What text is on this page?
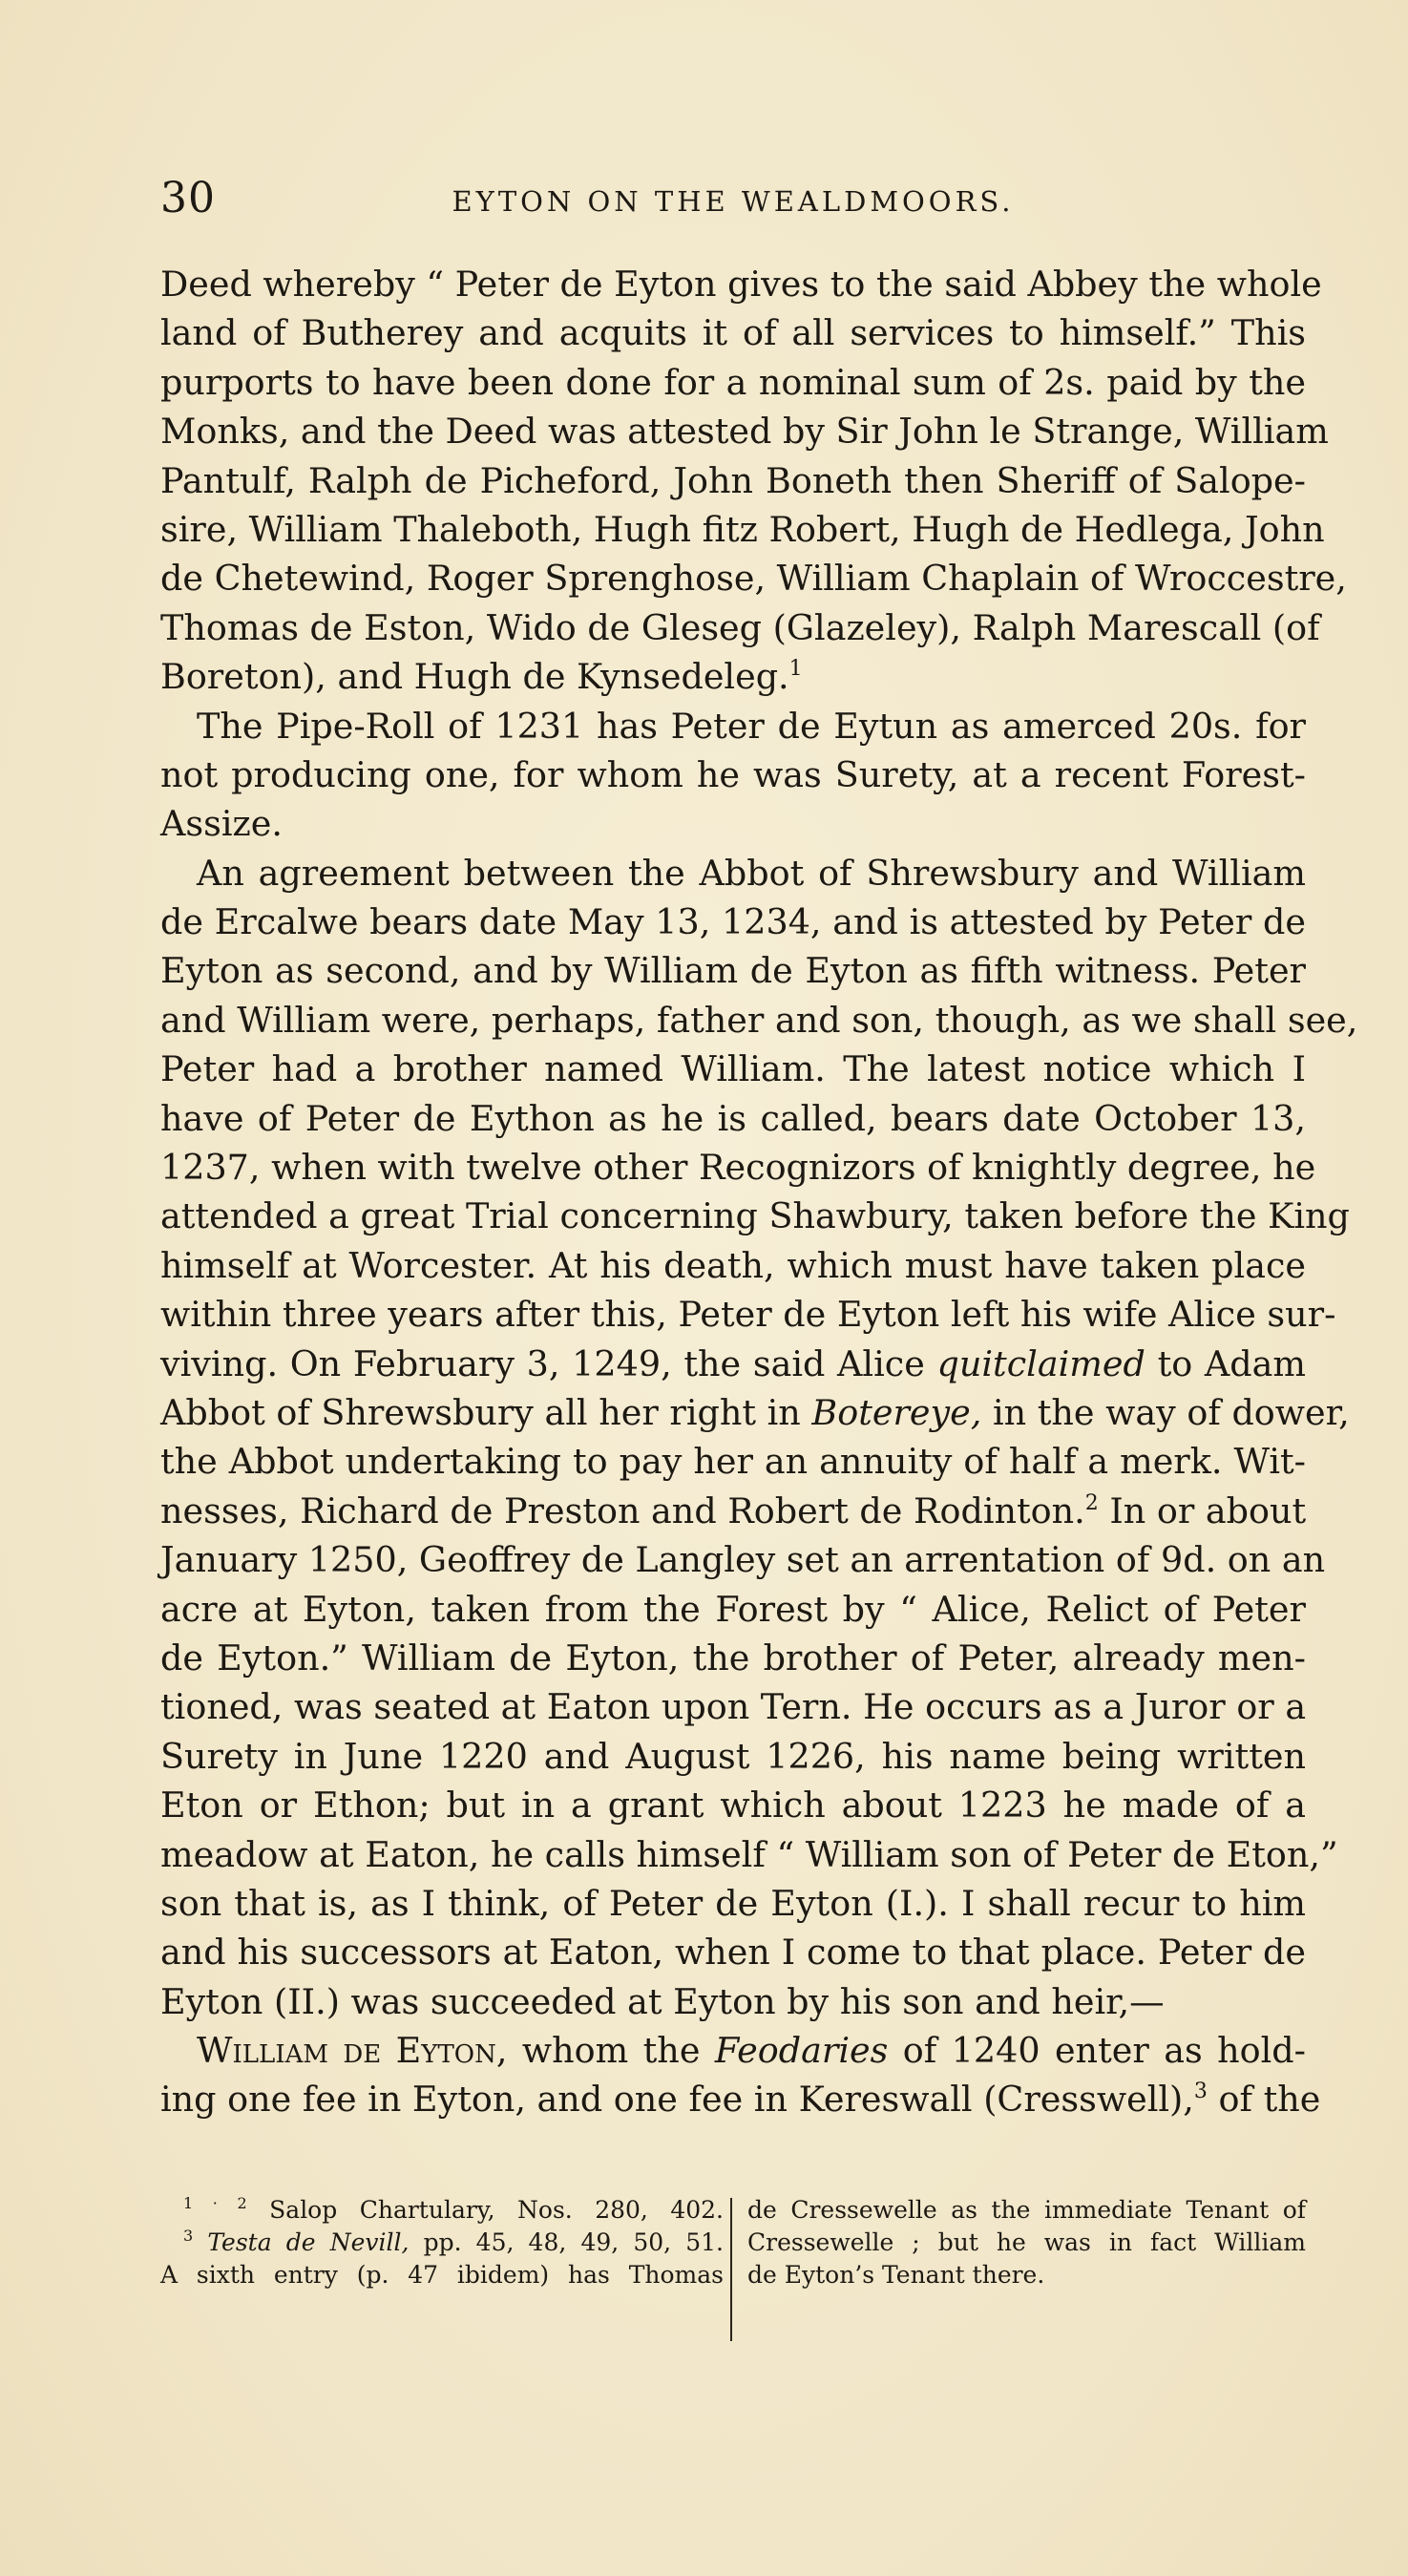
30	EYTON ON THE WEALDMOORS.
Deed whereby “ Peter de Eyton gives to the said Abbey the whole
land of Butherey and acquits it of all services to himself.” This
purports to have been done for a nominal sum of 2s. paid by the
Monks, and the Deed was attested by Sir John le Strange, William
Pantulf, Ralph de Picheford, John Boneth then Sheriff of Salope-
sire, William Thaleboth, Hugh fitz Robert, Hugh de Hedlega, John
de Chetewind, Roger Sprenghose, William Chaplain of Wroccestre,
Thomas de Eston, Wido de Gleseg (Glazeley), Ralph Marescall (of
Boreton), and Hugh de Kynsedeleg.$^1$
The Pipe-Roll of 1231 has Peter de Eytun as amerced 20s. for
not producing one, for whom he was Surety, at a recent Forest-
Assize.
An agreement between the Abbot of Shrewsbury and William
de Ercalwe bears date May 13, 1234, and is attested by Peter de
Eyton as second, and by William de Eyton as fifth witness. Peter
and William were, perhaps, father and son, though, as we shall see,
Peter had a brother named William. The latest notice which I
have of Peter de Eython as he is called, bears date October 13,
1237, when with twelve other Recognizors of knightly degree, he
attended a great Trial concerning Shawbury, taken before the King
himself at Worcester. At his death, which must have taken place
within three years after this, Peter de Eyton left his wife Alice sur-
viving. On February 3, 1249, the said Alice quitclaimed to Adam
Abbot of Shrewsbury all her right in Botereye, in the way of dower,
the Abbot undertaking to pay her an annuity of half a merk. Wit-
nesses, Richard de Preston and Robert de Rodinton.$^2$ In or about
January 1250, Geoffrey de Langley set an arrentation of 9d. on an
acre at Eyton, taken from the Forest by “ Alice, Relict of Peter
de Eyton.” William de Eyton, the brother of Peter, already men-
tioned, was seated at Eaton upon Tern. He occurs as a Juror or a
Surety in June 1220 and August 1226, his name being written
Eton or Ethon; but in a grant which about 1223 he made of a
meadow at Eaton, he calls himself “ William son of Peter de Eton,”
son that is, as I think, of Peter de Eyton (I.). I shall recur to him
and his successors at Eaton, when I come to that place. Peter de
Eyton (II.) was succeeded at Eyton by his son and heir,—
William de Eyton, whom the Feodaries of 1240 enter as hold-
ing one fee in Eyton, and one fee in Kereswall (Cresswell),$^3$ of the
$^{1 \cdot 2}$ Salop Chartulary, Nos. 280, 402.
$^3$ Testa de Nevill, pp. 45, 48, 49, 50, 51.
A sixth entry (p. 47 ibidem) has Thomas
de Cressewelle as the immediate Tenant of
Cressewelle ; but he was in fact William
de Eyton’s Tenant there.
